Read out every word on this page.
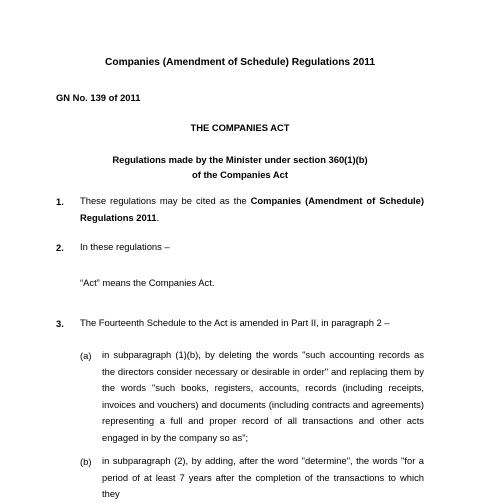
Companies (Amendment of Schedule) Regulations 2011
GN No. 139 of 2011
THE COMPANIES ACT
Regulations made by the Minister under section 360(1)(b)
of the Companies Act
1. These regulations may be cited as the Companies (Amendment of Schedule) Regulations 2011.
2. In these regulations –
“Act” means the Companies Act.
3. The Fourteenth Schedule to the Act is amended in Part II, in paragraph 2 –
(a) in subparagraph (1)(b), by deleting the words "such accounting records as the directors consider necessary or desirable in order" and replacing them by the words "such books, registers, accounts, records (including receipts, invoices and vouchers) and documents (including contracts and agreements) representing a full and proper record of all transactions and other acts engaged in by the company so as";
(b) in subparagraph (2), by adding, after the word "determine", the words "for a period of at least 7 years after the completion of the transactions to which they
